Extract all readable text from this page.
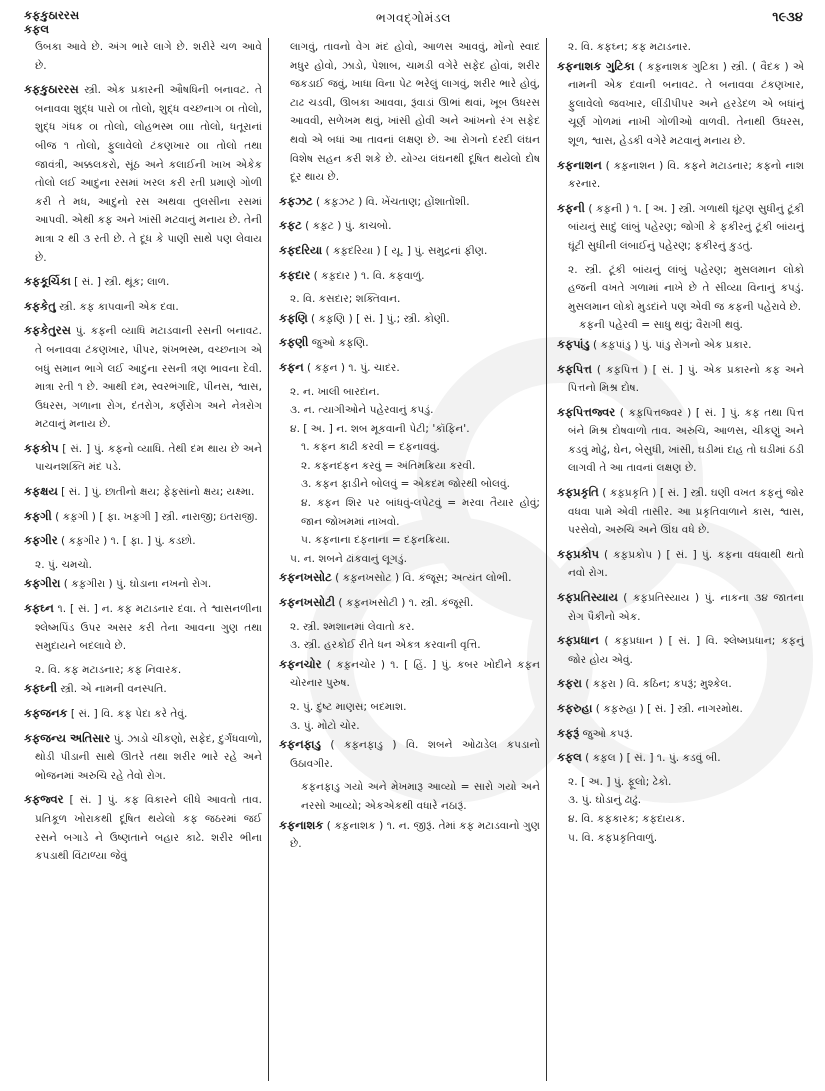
કફકુઠારરસ
કફલ
ભગવદ્ગોમંડલ	૧૯૩૪

ઉબકા આવે છે. અંગ ભારે લાગે છે. શરીરે ચળ આવે છે.

કફકુઠારરસ સ્ત્રી. એક પ્રકારની ઔષધિની બનાવટ. તે બનાવવા શુદ્ધ પારો ૦। તોલો, શુદ્ધ વચ્છનાગ ૦। તોલો, શુદ્ધ ગંધક ૦। તોલો, લોહભસ્મ ૦।।। તોલો, ધતૂરાનાં બીજ ૧ તોલો, ફુલાવેલો ટંકણખાર ૦।। તોલો તથા જાવંત્રી, અક્કલકરો, સૂંઠ અને કલાઈની ખાખ એકેક તોલો લઈ આદુના રસમાં ખરલ કરી રતી પ્રમાણે ગોળી કરી તે મધ, આદુનો રસ અથવા તુલસીના રસમાં આપવી. એથી કફ અને ખાંસી મટવાનું મનાય છે. તેની માત્રા ૨ થી ૩ રતી છે. તે દૂધ કે પાણી સાથે પણ લેવાય છે.

કફકૂર્ચિકા [ સં. ] સ્ત્રી. થૂંક; લાળ.

કફકેતુ સ્ત્રી. કફ કાપવાની એક દવા.

કફકેતુરસ પું. કફની વ્યાધિ મટાડવાની રસની બનાવટ. તે બનાવવા ટંકણખાર, પીપર, શંખભસ્મ, વચ્છનાગ એ બધું સમાન ભાગે લઈ આદુના રસની ત્રણ ભાવના દેવી. માત્રા રતી ૧ છે. આથી દમ, સ્વરભંગાદિ, પીનસ, શ્વાસ, ઉધરસ, ગળાના રોગ, દંતરોગ, કર્ણરોગ અને નેત્રરોગ મટવાનું મનાય છે.

કફકોપ [ સં. ] પું. કફનો વ્યાધિ. તેથી દમ થાય છે અને પાચનશક્તિ મંદ પડે.

કફક્ષય [ સં. ] પું. છાતીનો ક્ષય; ફેફસાંનો ક્ષય; યક્ષ્મા.

કફગી ( કફ઼ગી ) [ ફા. ખફ઼ગી ] સ્ત્રી. નારાજી; ઇતરાજી.

કફગીર ( કફ઼ગીર ) ૧. [ ફા. ] પું. કડછો.

૨. પું. ચમચો.

કફગીરા ( કફ઼ગીરા ) પું. ઘોડાના નખનો રોગ.

કફઘ્ન ૧. [ સં. ] ન. કફ મટાડનાર દવા. તે શ્વાસનળીના શ્લેષ્મપિંડ ઉપર અસર કરી તેના આવના ગુણ તથા સમુદાયને બદલાવે છે.

૨. વિ. કફ મટાડનાર; કફ નિવારક.

કફઘ્ની સ્ત્રી. એ નામની વનસ્પતિ.

કફજનક [ સં. ] વિ. કફ પેદા કરે તેવું.

કફજન્ય અતિસાર પું. ઝાડો ચીકણો, સફેદ, દુર્ગંધવાળો, થોડી પીડાની સાથે ઊતરે તથા શરીર ભારે રહે અને ભોજનમાં અરુચિ રહે તેવો રોગ.

કફજ્વર [ સં. ] પું. કફ વિકારને લીધે આવતો તાવ. પ્રતિકૂળ ખોરાકથી દૂષિત થયેલો કફ જઠરમાં જઈ રસને બગાડે ને ઉષ્ણતાને બહાર કાઢે. શરીર ભીના કપડાથી વિંટાળ્યા જેવું

લાગવું, તાવનો વેગ મંદ હોવો, આળસ આવવું, મોંનો સ્વાદ મધુર હોવો, ઝાડો, પેશાબ, ચામડી વગેરે સફેદ હોવાં, શરીર જકડાઈ જવું, ખાધા વિના પેટ ભરેલું લાગવું, શરીર ભારે હોવું, ટાઢ ચડવી, ઊબકા આવવા, રૂંવાડાં ઊભાં થવાં, ખૂબ ઉધરસ આવવી, સળેખમ થવું, ખાંસી હોવી અને આંખનો રંગ સફેદ થવો એ બધાં આ તાવનાં લક્ષણ છે. આ રોગનો દરદી લંઘન વિશેષ સહન કરી શકે છે. યોગ્ય લંઘનથી દૂષિત થયેલો દોષ દૂર થાય છે.

કફઝટ ( કફ઼ઝટ ) વિ. ખેંચતાણ; હોંશાતોંશી.

કફટ ( કફ઼ટ ) પું. કાચબો.

કફદરિયા ( કફ઼દરિયા ) [ યૂ. ] પું. સમુદ્રનાં ફીણ.

કફદાર ( કફ઼દાર ) ૧. વિ. કફવાળું.

૨. વિ. કસદાર; શક્તિવાન.

કફણિ ( કફ઼ણિ ) [ સં. ] પું.; સ્ત્રી. કોણી.

કફણી જુઓ કફણિ.

કફન ( કફ઼ન ) ૧. પું. ચાદર.

૨. ન. ખાલી બારદાન.

૩. ન. ત્યાગીઓને પહેરવાનું કપડું.

૪. [ અ. ] ન. શબ મૂકવાની પેટી; 'કૉફિન'.

૧. કફન કાઢી કરવી = દફનાવવું.

૨. કફનદફન કરવું = અંતિમક્રિયા કરવી.

૩. કફન ફાડીને બોલવું = એકદમ જોરથી બોલવું.

૪. કફન શિર પર બાંધવું-લપેટવું = મરવા તૈયાર હોવું; જાન જોખમમાં નાખવો.

૫. કફનાના દફનાના = દફનક્રિયા.

૫. ન. શબને ઢાંકવાનું લૂગડું.

કફનખસોટ ( કફ઼નખસોટ ) વિ. કંજૂસ; અત્યંત લોભી.

કફનખસોટી ( કફ઼નખસોટી ) ૧. સ્ત્રી. કંજૂસી.

૨. સ્ત્રી. શ્મશાનમાં લેવાતો કર.

૩. સ્ત્રી. હરકોઈ રીતે ધન એકત્ર કરવાની વૃત્તિ.

કફનચોર ( કફ઼નચોર ) ૧. [ હિં. ] પું. કબર ખોદીને કફન ચોરનાર પુરુષ.

૨. પું. દુષ્ટ માણસ; બદમાશ.

૩. પું. મોટો ચોર.

કફનફાડુ ( કફ઼નફાડુ ) વિ. શબને ઓઢાડેલ કપડાનો ઉઠાવગીર.

કફનફાડુ ગયો અને મેખમારૂ આવ્યો = સારો ગયો અને નરસો આવ્યો; એકએકથી વધારે નઠારૂં.

કફનાશક ( કફ઼નાશક ) ૧. ન. જીરૂં. તેમાં કફ મટાડવાનો ગુણ છે.

૨. વિ. કફઘ્ન; કફ મટાડનાર.

કફનાશક ગુટિકા ( કફ઼નાશક ગુટિકા ) સ્ત્રી. ( વૈદક ) એ નામની એક દવાની બનાવટ. તે બનાવવા ટંકણખાર, ફુલાવેલો જવખાર, લીંડીપીપર અને હરડેદળ એ બધાંનું ચૂર્ણ ગોળમાં નાખી ગોળીઓ વાળવી. તેનાથી ઉધરસ, શૂળ, શ્વાસ, હેડકી વગેરે મટવાનું મનાય છે.

કફનાશન ( કફ઼નાશન ) વિ. કફને મટાડનાર; કફનો નાશ કરનાર.

કફની ( કફ઼ની ) ૧. [ અ. ] સ્ત્રી. ગળાથી ઘૂંટણ સુધીનું ટૂંકી બાંયનું સાદું લાંબું પહેરણ; જોગી કે ફકીરનું ટૂંકી બાંયનું ઘૂંટી સુધીની લંબાઈનું પહેરણ; ફકીરનું કુડતું.

૨. સ્ત્રી. ટૂંકી બાંયનું લાંબું પહેરણ; મુસલમાન લોકો હજની વખતે ગળામાં નાખે છે તે સીવ્યા વિનાનું કપડું. મુસલમાન લોકો મુડદાંને પણ એવી જ કફની પહેરાવે છે.

કફની પહેરવી = સાધુ થવું; વૈરાગી થવું.

કફપાંડુ ( કફ઼પાંડુ ) પું. પાંડુ રોગનો એક પ્રકાર.

કફપિત્ત ( કફ઼પિત્ત ) [ સં. ] પું. એક પ્રકારનો કફ અને પિત્તનો મિશ્ર દોષ.

કફપિત્તજ્વર ( કફ઼પિત્તજ્વર ) [ સં. ] પું. કફ તથા પિત્ત બંને મિશ્ર દોષવાળો તાવ. અરુચિ, આળસ, ચીકણું અને કડવું મોઢું, ઘેન, બેસુધી, ખાંસી, ઘડીમાં દાહ તો ઘડીમાં ઠંડી લાગવી તે આ તાવનાં લક્ષણ છે.

કફપ્રકૃતિ ( કફ઼પ્રકૃતિ ) [ સં. ] સ્ત્રી. ઘણી વખત કફનું જોર વધવા પામે એવી તાસીર. આ પ્રકૃતિવાળાને કાસ, શ્વાસ, પરસેવો, અરુચિ અને ઊંઘ વધે છે.

કફપ્રકોપ ( કફ઼પ્રકોપ ) [ સં. ] પું. કફના વધવાથી થતો નવો રોગ.

કફપ્રતિસ્યાય ( કફ઼પ્રતિસ્યાય ) પું. નાકના ૩૪ જાતના રોગ પૈકીનો એક.

કફપ્રધાન ( કફ઼પ્રધાન ) [ સં. ] વિ. શ્લેષ્મપ્રધાન; કફનું જોર હોય એવું.

કફરા ( કફ઼રા ) વિ. કઠિન; કપરૂં; મુશ્કેલ.

કફરુહા ( કફ઼રુહા ) [ સં. ] સ્ત્રી. નાગરમોથ.

કફરૂં જુઓ કપરૂં.

કફલ ( કફ઼લ ) [ સં. ] ૧. પું. કડવું બી.

૨. [ અ. ] પું. ફૂલો; ઢેકો.

૩. પું. ઘોડાનું ઢાઢું.

૪. વિ. કફકારક; કફદાયક.

૫. વિ. કફપ્રકૃતિવાળું.
